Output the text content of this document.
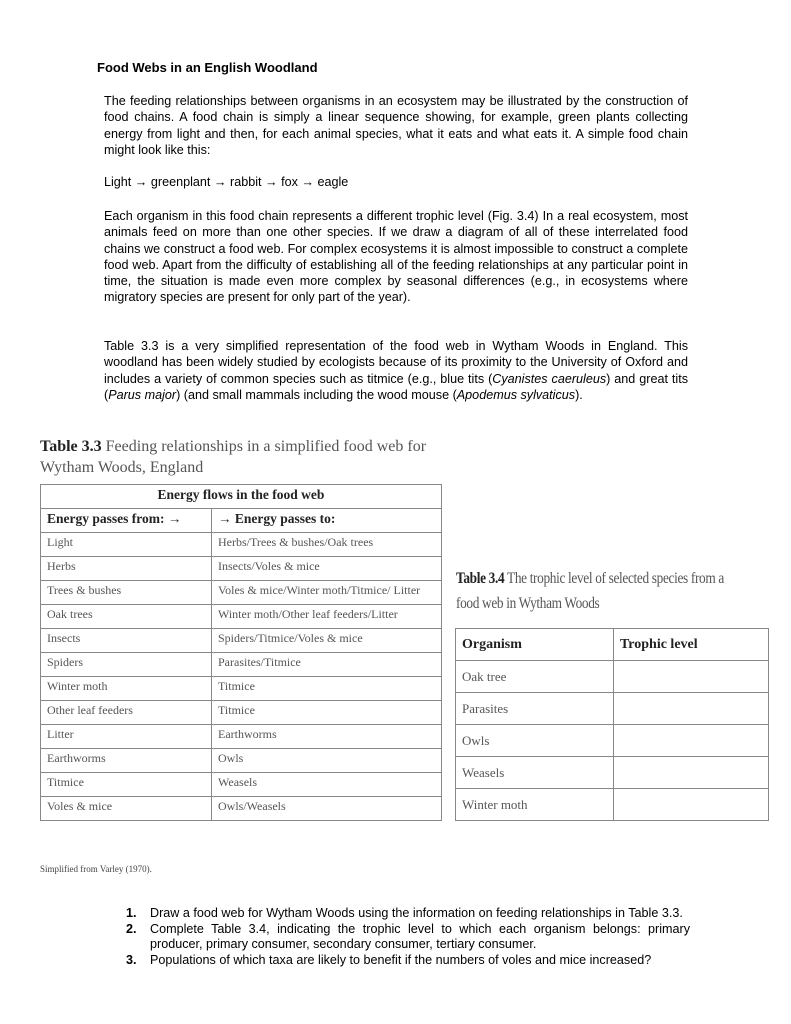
Food Webs in an English Woodland
The feeding relationships between organisms in an ecosystem may be illustrated by the construction of food chains. A food chain is simply a linear sequence showing, for example, green plants collecting energy from light and then, for each animal species, what it eats and what eats it. A simple food chain might look like this:
Light → greenplant → rabbit → fox → eagle
Each organism in this food chain represents a different trophic level (Fig. 3.4) In a real ecosystem, most animals feed on more than one other species. If we draw a diagram of all of these interrelated food chains we construct a food web. For complex ecosystems it is almost impossible to construct a complete food web. Apart from the difficulty of establishing all of the feeding relationships at any particular point in time, the situation is made even more complex by seasonal differences (e.g., in ecosystems where migratory species are present for only part of the year).
Table 3.3 is a very simplified representation of the food web in Wytham Woods in England. This woodland has been widely studied by ecologists because of its proximity to the University of Oxford and includes a variety of common species such as titmice (e.g., blue tits (Cyanistes caeruleus) and great tits (Parus major) (and small mammals including the wood mouse (Apodemus sylvaticus).
Table 3.3 Feeding relationships in a simplified food web for Wytham Woods, England
Energy flows in the food web	
Energy passes from: →	→ Energy passes to:
Light	Herbs/Trees & bushes/Oak trees
Herbs	Insects/Voles & mice
Trees & bushes	Voles & mice/Winter moth/Titmice/ Litter
Oak trees	Winter moth/Other leaf feeders/Litter
Insects	Spiders/Titmice/Voles & mice
Spiders	Parasites/Titmice
Winter moth	Titmice
Other leaf feeders	Titmice
Litter	Earthworms
Earthworms	Owls
Titmice	Weasels
Voles & mice	Owls/Weasels
Simplified from Varley (1970).
Table 3.4 The trophic level of selected species from a
food web in Wytham Woods
Organism	Trophic level
Oak tree	
Parasites	
Owls	
Weasels	
Winter moth	
1. Draw a food web for Wytham Woods using the information on feeding relationships in Table 3.3.
2. Complete Table 3.4, indicating the trophic level to which each organism belongs: primary producer, primary consumer, secondary consumer, tertiary consumer.
3. Populations of which taxa are likely to benefit if the numbers of voles and mice increased?
